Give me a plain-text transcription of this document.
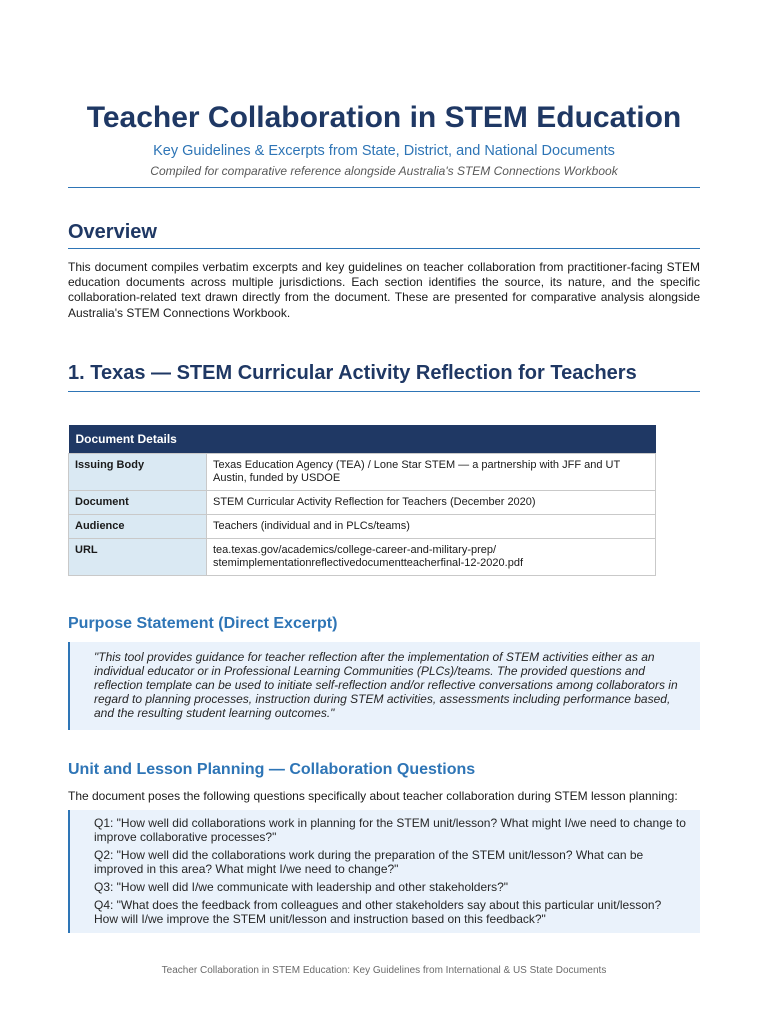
Teacher Collaboration in STEM Education
Key Guidelines & Excerpts from State, District, and National Documents
Compiled for comparative reference alongside Australia's STEM Connections Workbook
Overview

This document compiles verbatim excerpts and key guidelines on teacher collaboration from practitioner-facing STEM education documents across multiple jurisdictions. Each section identifies the source, its nature, and the specific collaboration-related text drawn directly from the document. These are presented for comparative analysis alongside Australia's STEM Connections Workbook.

1. Texas — STEM Curricular Activity Reflection for Teachers
Document Details	
Issuing Body	Texas Education Agency (TEA) / Lone Star STEM — a partnership with JFF and UT Austin, funded by USDOE
Document	STEM Curricular Activity Reflection for Teachers (December 2020)
Audience	Teachers (individual and in PLCs/teams)
URL	tea.texas.gov/academics/college-career-and-military-prep/ stemimplementationreflectivedocumentteacherfinal-12-2020.pdf
Purpose Statement (Direct Excerpt)
"This tool provides guidance for teacher reflection after the implementation of STEM activities either as an individual educator or in Professional Learning Communities (PLCs)/teams. The provided questions and reflection template can be used to initiate self-reflection and/or reflective conversations among collaborators in regard to planning processes, instruction during STEM activities, assessments including performance based, and the resulting student learning outcomes."
Unit and Lesson Planning — Collaboration Questions

The document poses the following questions specifically about teacher collaboration during STEM lesson planning:

Q1: "How well did collaborations work in planning for the STEM unit/lesson? What might I/we need to change to improve collaborative processes?"
Q2: "How well did the collaborations work during the preparation of the STEM unit/lesson? What can be improved in this area? What might I/we need to change?"
Q3: "How well did I/we communicate with leadership and other stakeholders?"
Q4: "What does the feedback from colleagues and other stakeholders say about this particular unit/lesson? How will I/we improve the STEM unit/lesson and instruction based on this feedback?"
Teacher Collaboration in STEM Education: Key Guidelines from International & US State Documents
